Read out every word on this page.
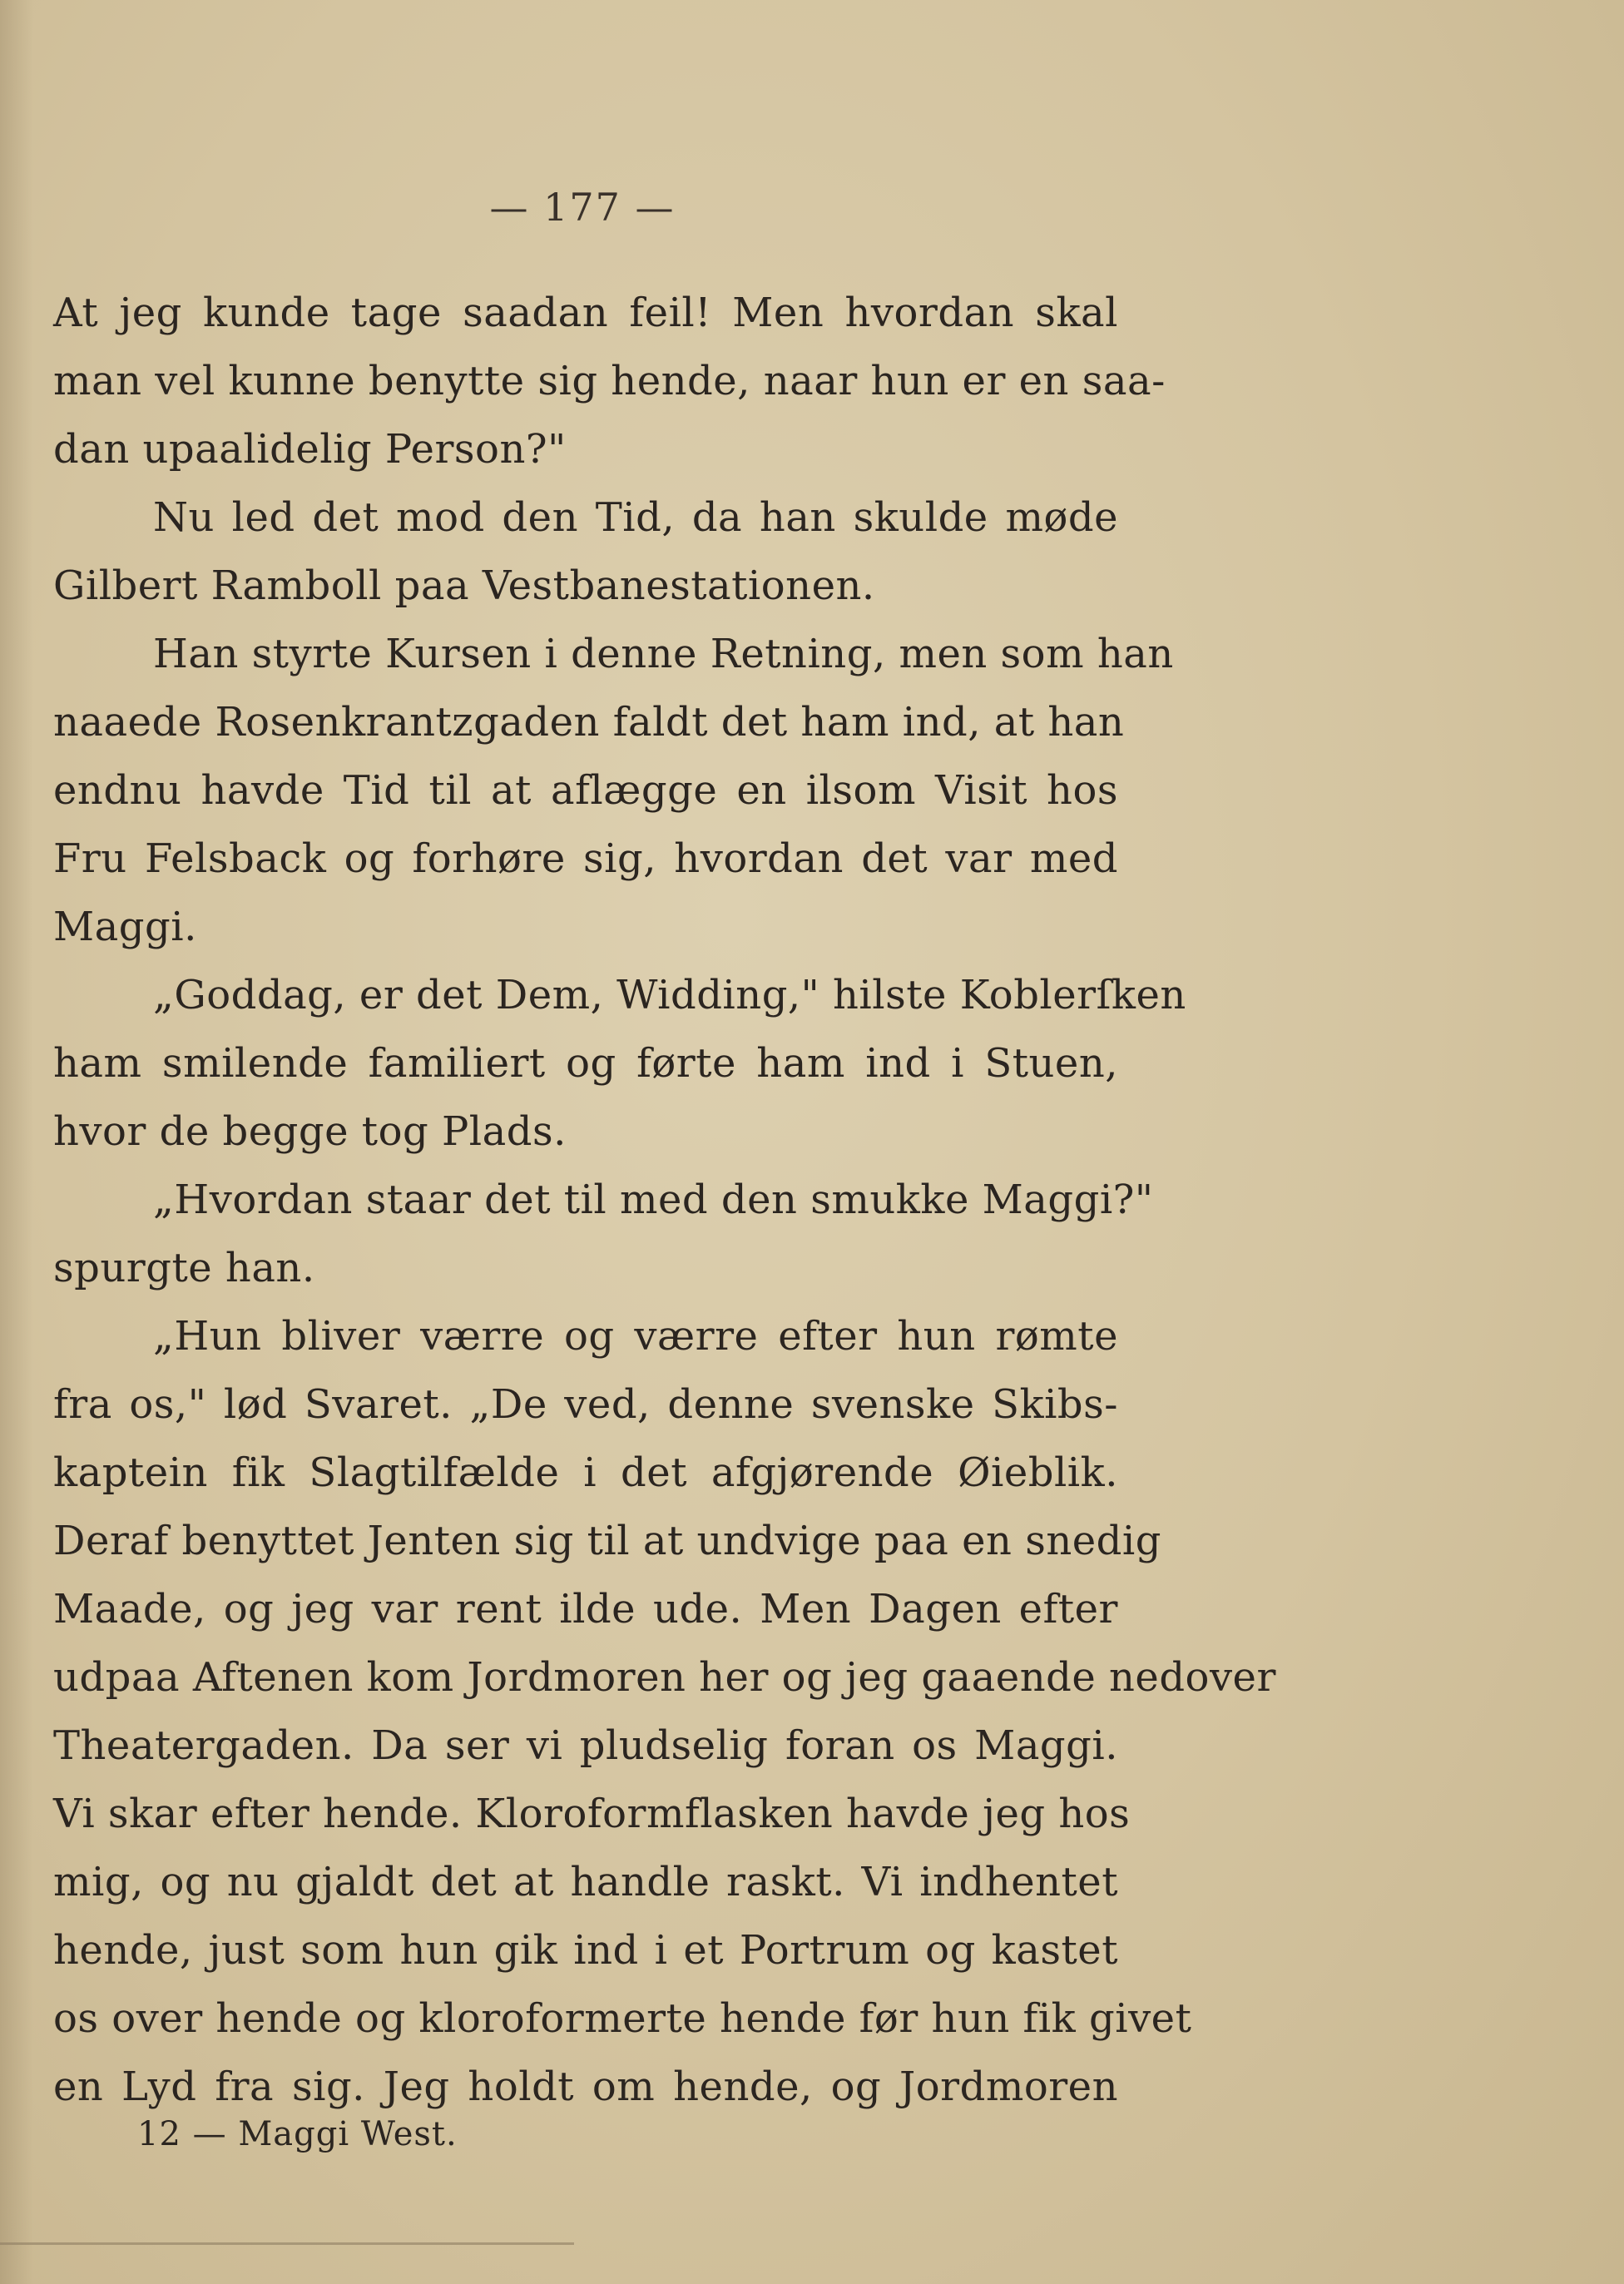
— 177 —
At jeg kunde tage saadan feil! Men hvordan skal
man vel kunne benytte sig hende, naar hun er en saa-
dan upaalidelig Person?"
Nu led det mod den Tid, da han skulde møde
Gilbert Ramboll paa Vestbanestationen.
Han styrte Kursen i denne Retning, men som han
naaede Rosenkrantzgaden faldt det ham ind, at han
endnu havde Tid til at aflægge en ilsom Visit hos
Fru Felsback og forhøre sig, hvordan det var med
Maggi.
„Goddag, er det Dem, Widding," hilste Koblerſken
ham smilende familiert og førte ham ind i Stuen,
hvor de begge tog Plads.
„Hvordan staar det til med den smukke Maggi?"
spurgte han.
„Hun bliver værre og værre efter hun rømte
fra os," lød Svaret. „De ved, denne svenske Skibs-
kaptein fik Slagtilfælde i det afgjørende Øieblik.
Deraf benyttet Jenten sig til at undvige paa en snedig
Maade, og jeg var rent ilde ude. Men Dagen efter
udpaa Aftenen kom Jordmoren her og jeg gaaende nedover
Theatergaden. Da ser vi pludselig foran os Maggi.
Vi skar efter hende. Kloroformflasken havde jeg hos
mig, og nu gjaldt det at handle raskt. Vi indhentet
hende, just som hun gik ind i et Portrum og kastet
os over hende og kloroformerte hende før hun fik givet
en Lyd fra sig. Jeg holdt om hende, og Jordmoren
12 — Maggi West.
